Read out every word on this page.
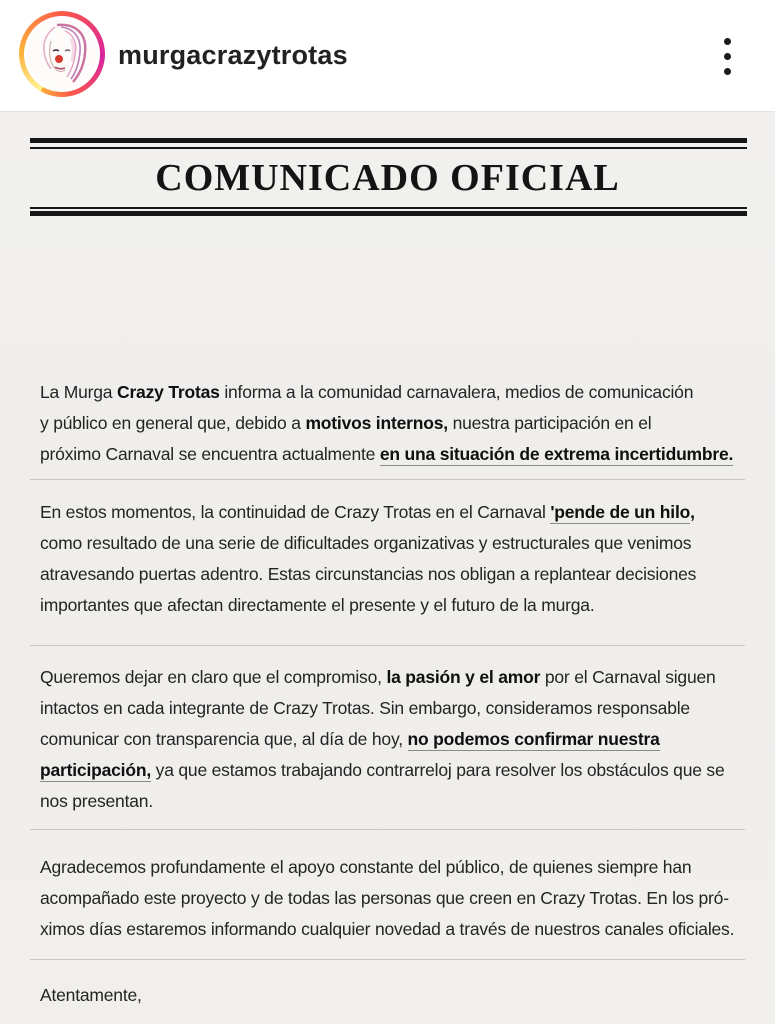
murgacrazytrotas
COMUNICADO OFICIAL
La Murga Crazy Trotas informa a la comunidad carnavalera, medios de comunicación
y público en general que, debido a motivos internos, nuestra participación en el
próximo Carnaval se encuentra actualmente en una situación de extrema incertidumbre.
En estos momentos, la continuidad de Crazy Trotas en el Carnaval 'pende de un hilo,
como resultado de una serie de dificultades organizativas y estructurales que venimos
atravesando puertas adentro. Estas circunstancias nos obligan a replantear decisiones
importantes que afectan directamente el presente y el futuro de la murga.
Queremos dejar en claro que el compromiso, la pasión y el amor por el Carnaval siguen
intactos en cada integrante de Crazy Trotas. Sin embargo, consideramos responsable
comunicar con transparencia que, al día de hoy, no podemos confirmar nuestra
participación, ya que estamos trabajando contrarreloj para resolver los obstáculos que se
nos presentan.
Agradecemos profundamente el apoyo constante del público, de quienes siempre han
acompañado este proyecto y de todas las personas que creen en Crazy Trotas. En los pró-
ximos días estaremos informando cualquier novedad a través de nuestros canales oficiales.
Atentamente,
